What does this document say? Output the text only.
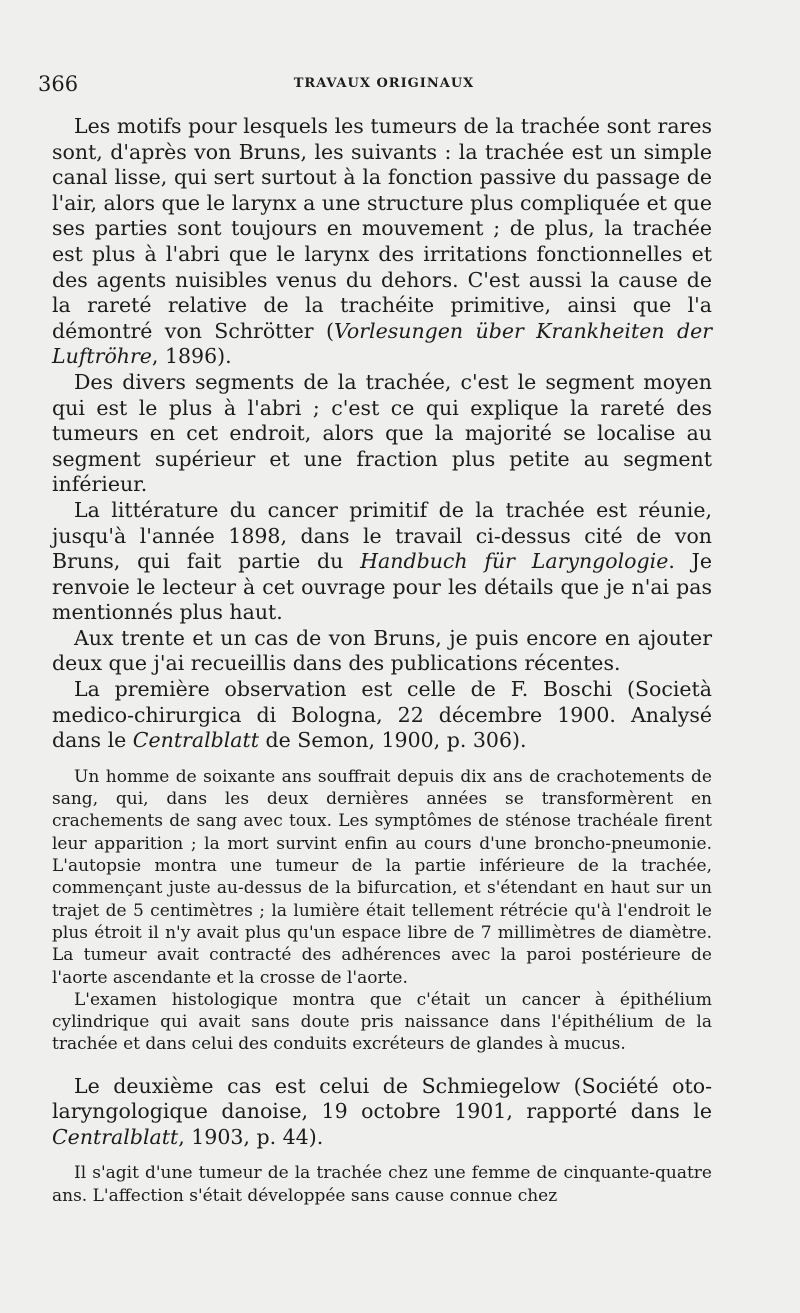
366	TRAVAUX ORIGINAUX

Les motifs pour lesquels les tumeurs de la trachée sont rares sont, d'après von Bruns, les suivants : la trachée est un simple canal lisse, qui sert surtout à la fonction passive du passage de l'air, alors que le larynx a une structure plus compliquée et que ses parties sont toujours en mouvement ; de plus, la trachée est plus à l'abri que le larynx des irritations fonctionnelles et des agents nuisibles venus du dehors. C'est aussi la cause de la rareté relative de la trachéite primitive, ainsi que l'a démontré von Schrötter (Vorlesungen über Krankheiten der Luftröhre, 1896).

Des divers segments de la trachée, c'est le segment moyen qui est le plus à l'abri ; c'est ce qui explique la rareté des tumeurs en cet endroit, alors que la majorité se localise au segment supérieur et une fraction plus petite au segment inférieur.

La littérature du cancer primitif de la trachée est réunie, jusqu'à l'année 1898, dans le travail ci-dessus cité de von Bruns, qui fait partie du Handbuch für Laryngologie. Je renvoie le lecteur à cet ouvrage pour les détails que je n'ai pas mentionnés plus haut.

Aux trente et un cas de von Bruns, je puis encore en ajouter deux que j'ai recueillis dans des publications récentes.

La première observation est celle de F. Boschi (Società medico-chirurgica di Bologna, 22 décembre 1900. Analysé dans le Centralblatt de Semon, 1900, p. 306).

Un homme de soixante ans souffrait depuis dix ans de crachotements de sang, qui, dans les deux dernières années se transformèrent en crachements de sang avec toux. Les symptômes de sténose trachéale firent leur apparition ; la mort survint enfin au cours d'une broncho-pneumonie. L'autopsie montra une tumeur de la partie inférieure de la trachée, commençant juste au-dessus de la bifurcation, et s'étendant en haut sur un trajet de 5 centimètres ; la lumière était tellement rétrécie qu'à l'endroit le plus étroit il n'y avait plus qu'un espace libre de 7 millimètres de diamètre. La tumeur avait contracté des adhérences avec la paroi postérieure de l'aorte ascendante et la crosse de l'aorte.

L'examen histologique montra que c'était un cancer à épithélium cylindrique qui avait sans doute pris naissance dans l'épithélium de la trachée et dans celui des conduits excréteurs de glandes à mucus.

Le deuxième cas est celui de Schmiegelow (Société oto-laryngologique danoise, 19 octobre 1901, rapporté dans le Centralblatt, 1903, p. 44).

Il s'agit d'une tumeur de la trachée chez une femme de cinquante-quatre ans. L'affection s'était développée sans cause connue chez
